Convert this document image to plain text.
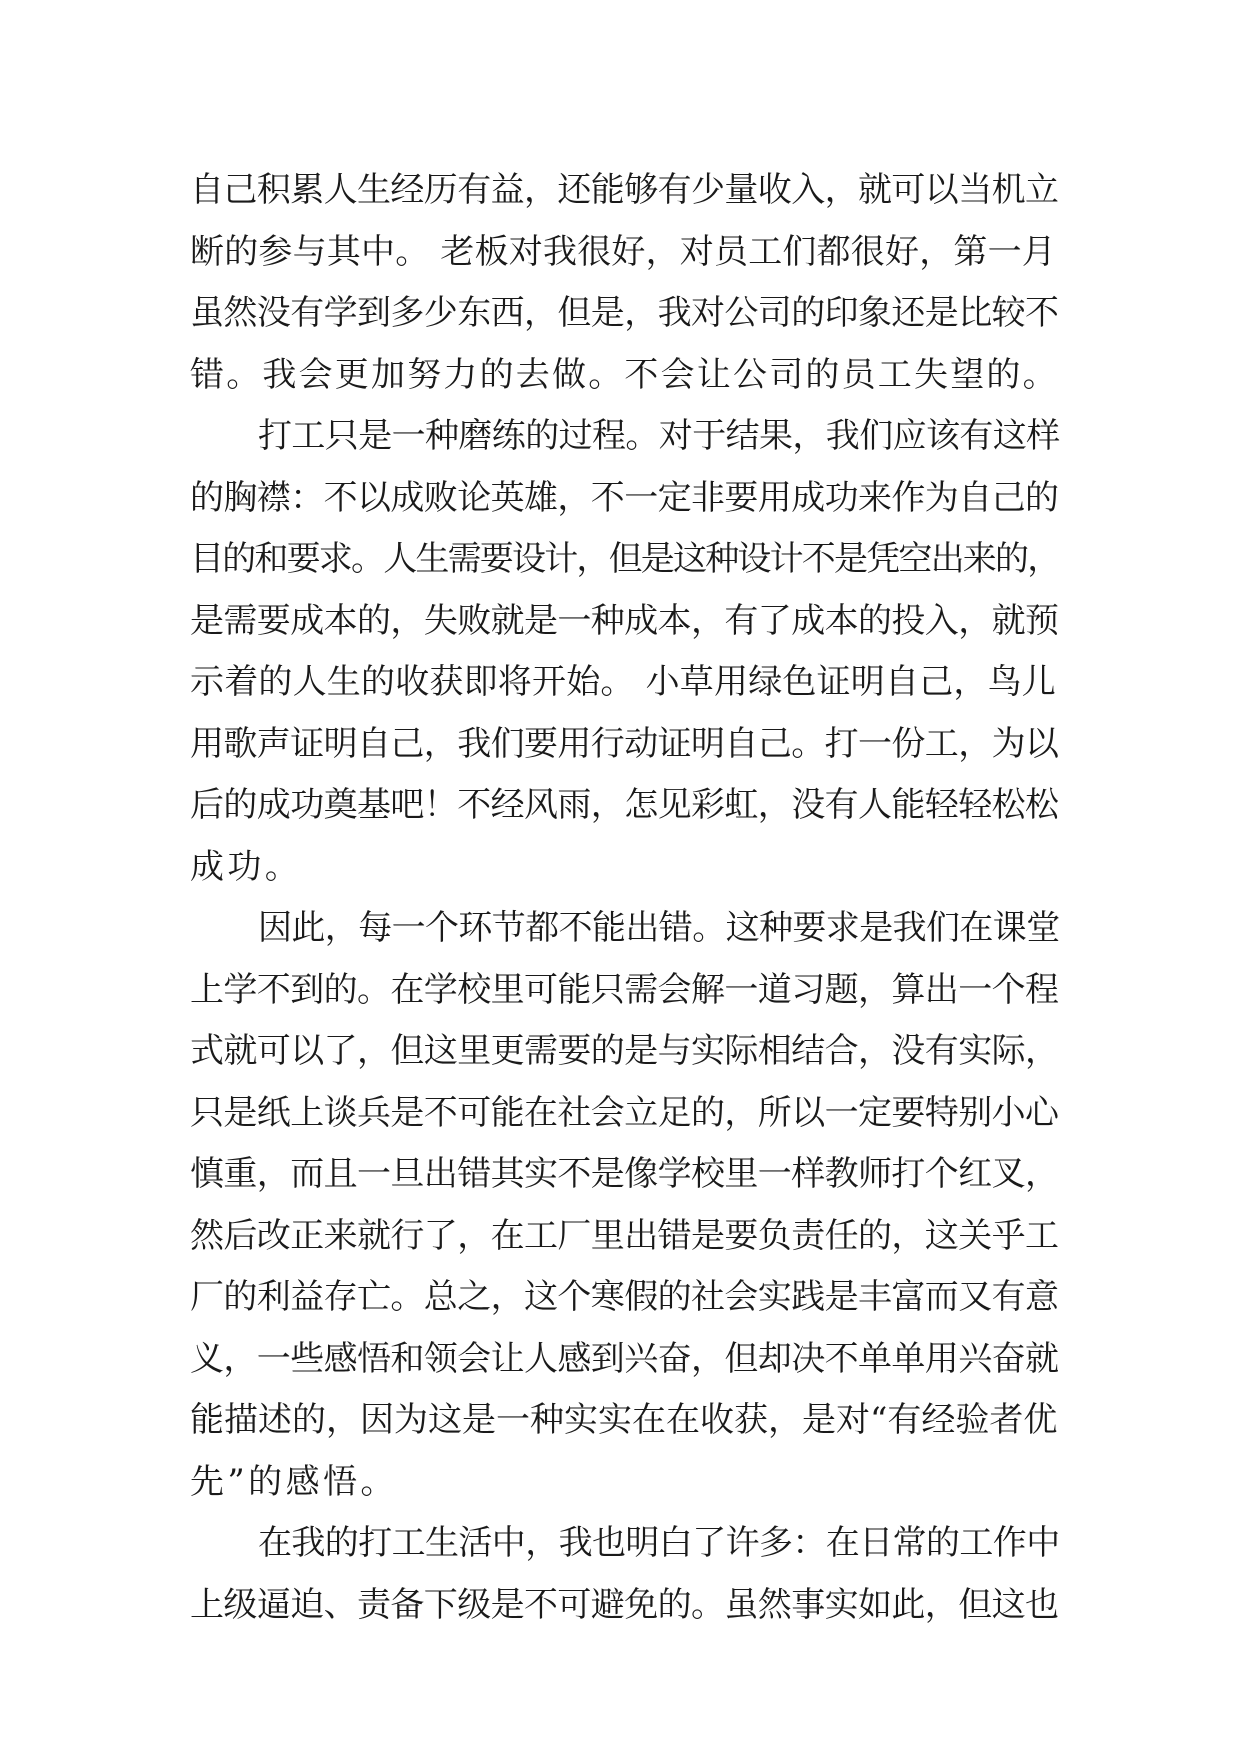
自己积累人生经历有益，还能够有少量收入，就可以当机立
断的参与其中。 老板对我很好，对员工们都很好，第一月
虽然没有学到多少东西，但是，我对公司的印象还是比较不
错。我会更加努力的去做。不会让公司的员工失望的。
打工只是一种磨练的过程。对于结果，我们应该有这样
的胸襟：不以成败论英雄，不一定非要用成功来作为自己的
目的和要求。人生需要设计，但是这种设计不是凭空出来的，
是需要成本的，失败就是一种成本，有了成本的投入，就预
示着的人生的收获即将开始。 小草用绿色证明自己，鸟儿
用歌声证明自己，我们要用行动证明自己。打一份工，为以
后的成功奠基吧！不经风雨，怎见彩虹，没有人能轻轻松松
成功。
因此，每一个环节都不能出错。这种要求是我们在课堂
上学不到的。在学校里可能只需会解一道习题，算出一个程
式就可以了，但这里更需要的是与实际相结合，没有实际，
只是纸上谈兵是不可能在社会立足的，所以一定要特别小心
慎重，而且一旦出错其实不是像学校里一样教师打个红叉，
然后改正来就行了，在工厂里出错是要负责任的，这关乎工
厂的利益存亡。总之，这个寒假的社会实践是丰富而又有意
义，一些感悟和领会让人感到兴奋，但却决不单单用兴奋就
能描述的，因为这是一种实实在在收获，是对“有经验者优
先”的感悟。
在我的打工生活中，我也明白了许多：在日常的工作中
上级逼迫、责备下级是不可避免的。虽然事实如此，但这也
